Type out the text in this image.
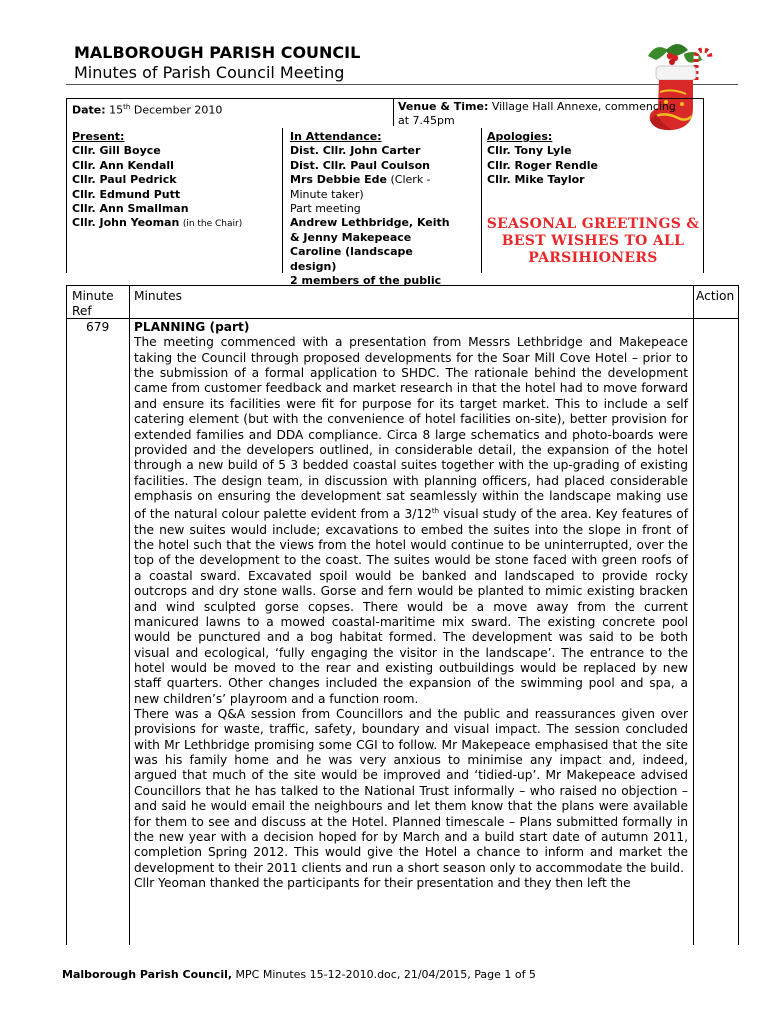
MALBOROUGH PARISH COUNCIL
Minutes of Parish Council Meeting
Date: 15th December 2010	Venue & Time: Village Hall Annexe, commencing at 7.45pm
Present:
Cllr. Gill Boyce
Cllr. Ann Kendall
Cllr. Paul Pedrick
Cllr. Edmund Putt
Cllr. Ann Smallman
Cllr. John Yeoman (in the Chair)
In Attendance:
Dist. Cllr. John Carter
Dist. Cllr. Paul Coulson
Mrs Debbie Ede (Clerk - Minute taker)
Part meeting
Andrew Lethbridge, Keith & Jenny Makepeace
Caroline (landscape design)
2 members of the public
Apologies:
Cllr. Tony Lyle
Cllr. Roger Rendle
Cllr. Mike Taylor
SEASONAL GREETINGS &
BEST WISHES TO ALL
PARSIHIONERS
Minute Ref
Minutes	Action
679 PLANNING (part)

The meeting commenced with a presentation from Messrs Lethbridge and Makepeace taking the Council through proposed developments for the Soar Mill Cove Hotel – prior to the submission of a formal application to SHDC. The rationale behind the development came from customer feedback and market research in that the hotel had to move forward and ensure its facilities were fit for purpose for its target market. This to include a self catering element (but with the convenience of hotel facilities on-site), better provision for extended families and DDA compliance. Circa 8 large schematics and photo-boards were provided and the developers outlined, in considerable detail, the expansion of the hotel through a new build of 5 3 bedded coastal suites together with the up-grading of existing facilities. The design team, in discussion with planning officers, had placed considerable emphasis on ensuring the development sat seamlessly within the landscape making use of the natural colour palette evident from a 3/12th visual study of the area. Key features of the new suites would include; excavations to embed the suites into the slope in front of the hotel such that the views from the hotel would continue to be uninterrupted, over the top of the development to the coast. The suites would be stone faced with green roofs of a coastal sward. Excavated spoil would be banked and landscaped to provide rocky outcrops and dry stone walls. Gorse and fern would be planted to mimic existing bracken and wind sculpted gorse copses. There would be a move away from the current manicured lawns to a mowed coastal-maritime mix sward. The existing concrete pool would be punctured and a bog habitat formed. The development was said to be both visual and ecological, ‘fully engaging the visitor in the landscape’. The entrance to the hotel would be moved to the rear and existing outbuildings would be replaced by new staff quarters. Other changes included the expansion of the swimming pool and spa, a new children’s’ playroom and a function room.

There was a Q&A session from Councillors and the public and reassurances given over provisions for waste, traffic, safety, boundary and visual impact. The session concluded with Mr Lethbridge promising some CGI to follow. Mr Makepeace emphasised that the site was his family home and he was very anxious to minimise any impact and, indeed, argued that much of the site would be improved and ‘tidied-up’. Mr Makepeace advised Councillors that he has talked to the National Trust informally – who raised no objection – and said he would email the neighbours and let them know that the plans were available for them to see and discuss at the Hotel. Planned timescale – Plans submitted formally in the new year with a decision hoped for by March and a build start date of autumn 2011, completion Spring 2012. This would give the Hotel a chance to inform and market the development to their 2011 clients and run a short season only to accommodate the build.

Cllr Yeoman thanked the participants for their presentation and they then left the

Malborough Parish Council, MPC Minutes 15-12-2010.doc, 21/04/2015, Page 1 of 5
